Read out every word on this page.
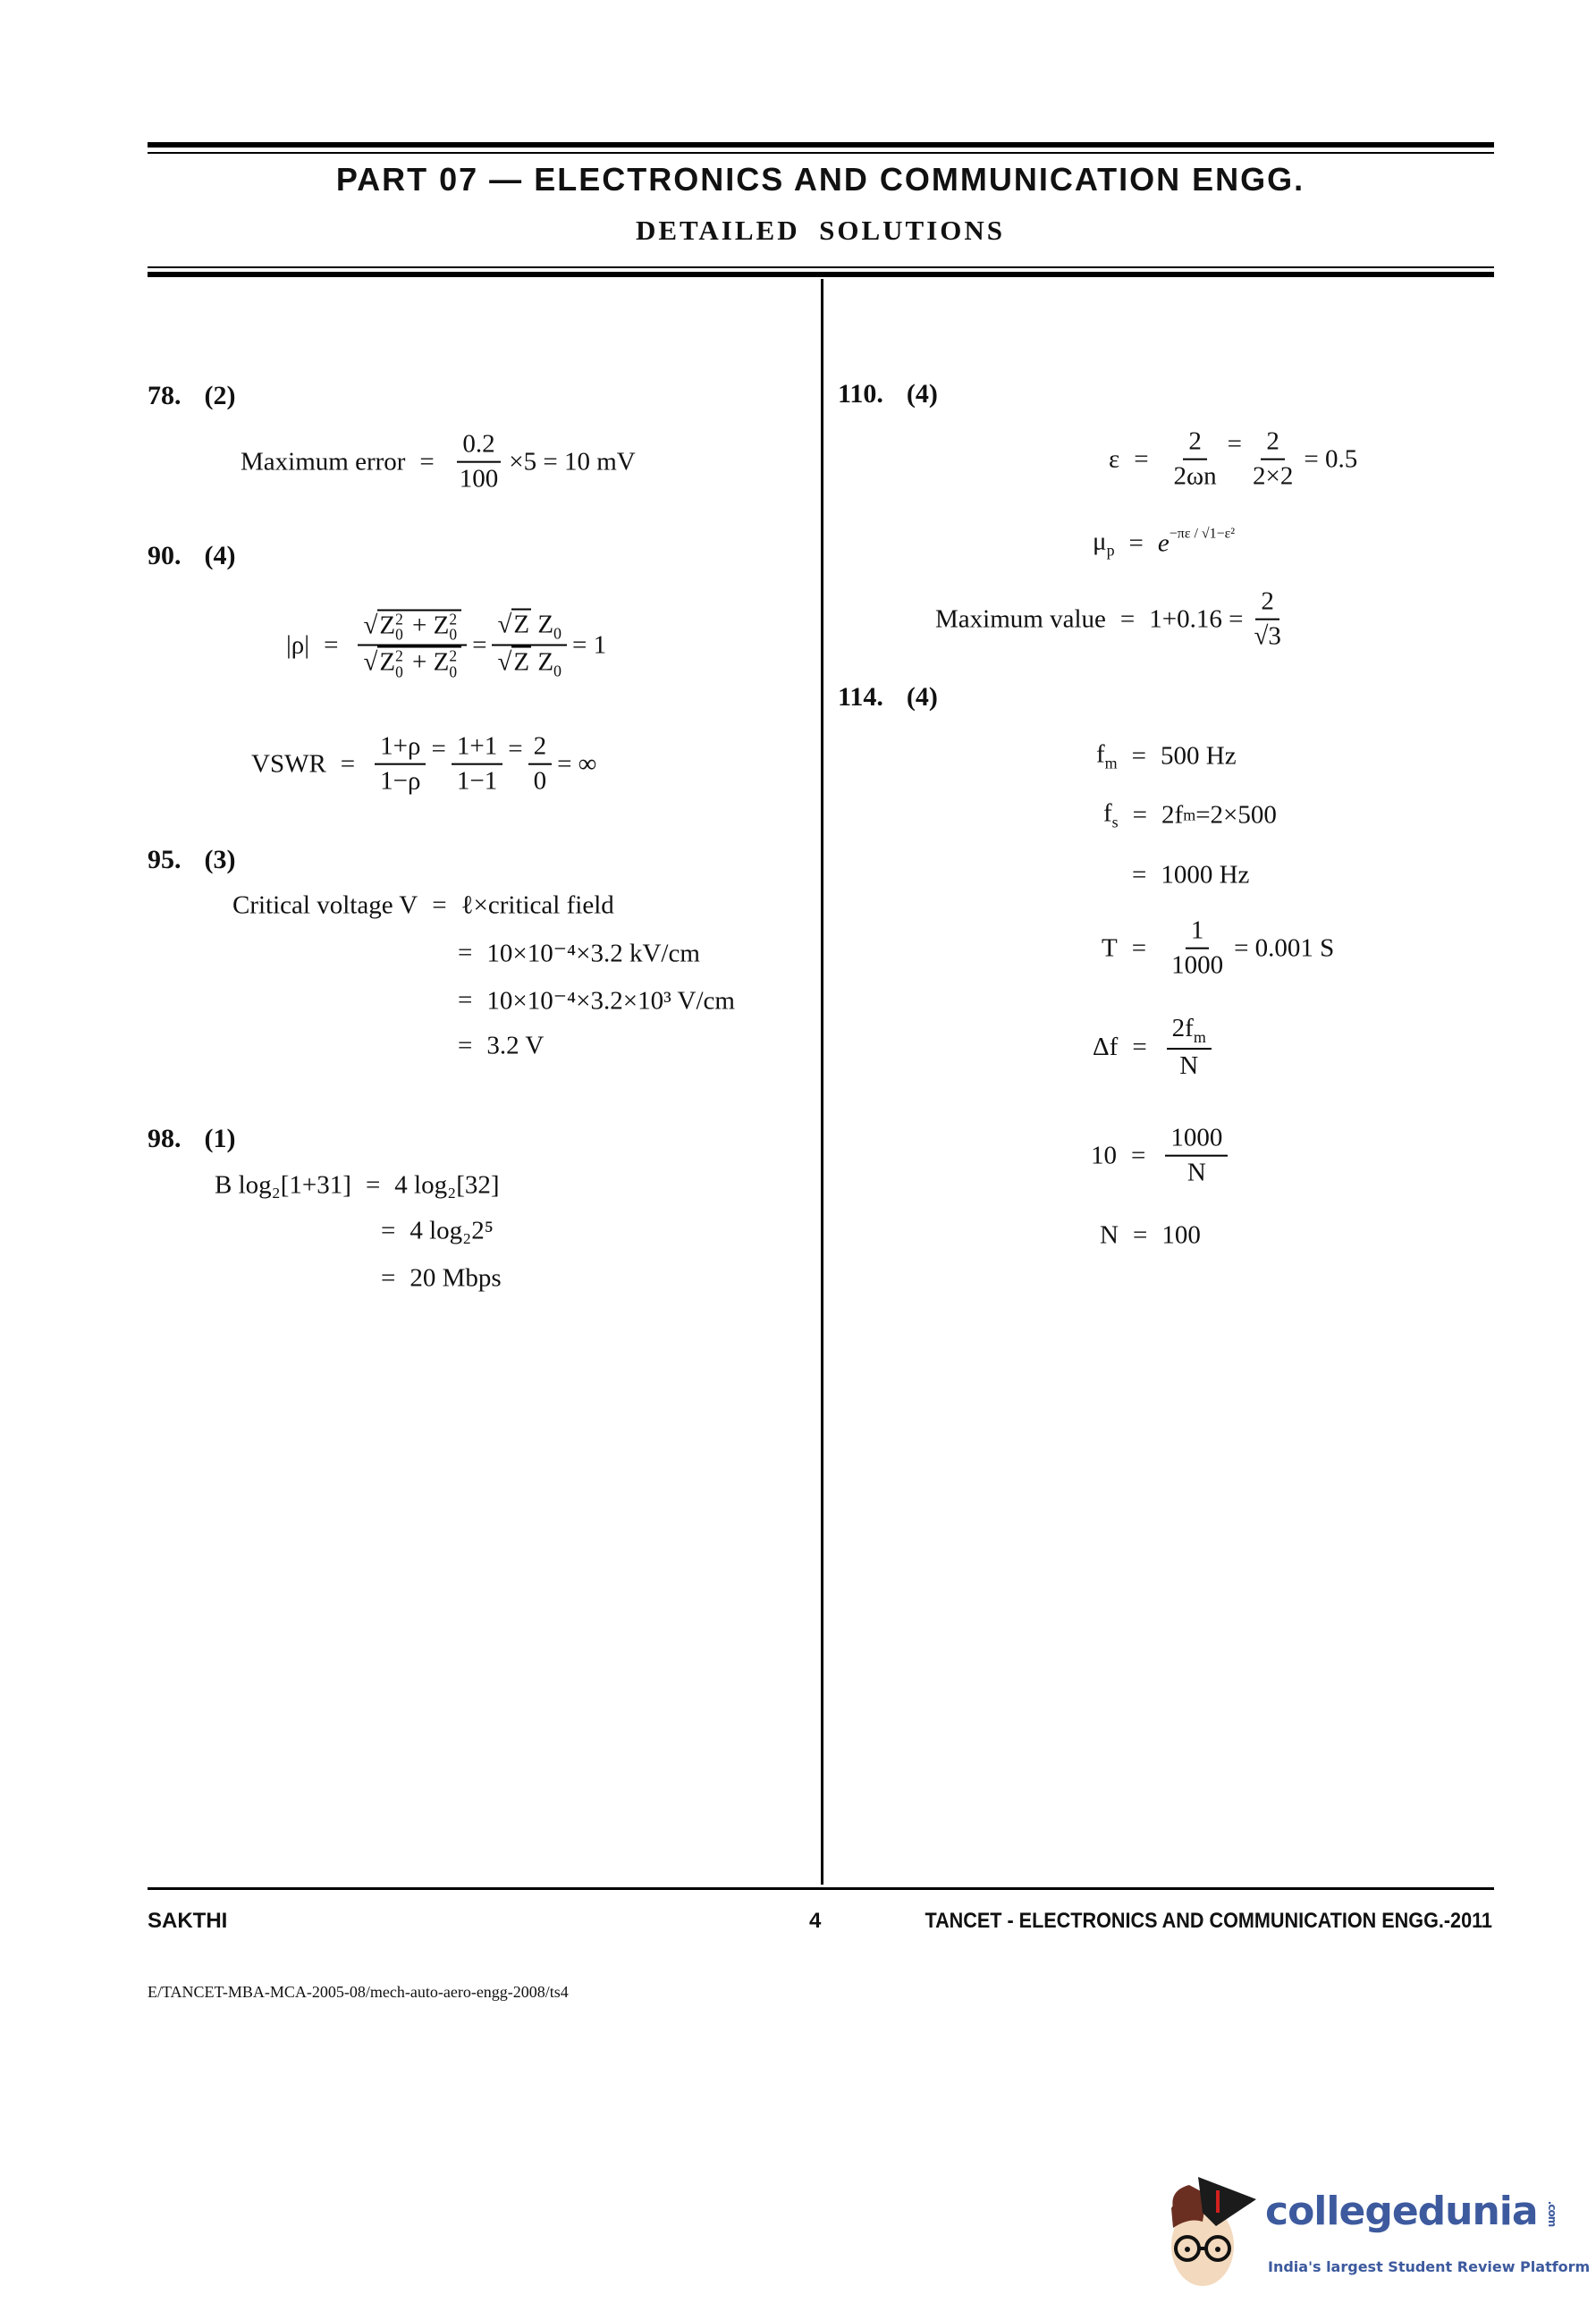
PART 07 — ELECTRONICS AND COMMUNICATION ENGG.
DETAILED  SOLUTIONS
78. (2)
Maximum error = $\frac{0.2}{100} \times 5 = 10$ mV
90. (4)
|ρ| = √Z 2
0 + Z 2
0
√Z 2
0 + Z 2
$0 = \frac{√Z Z_0}{√Z Z_0} = 1$
VSWR = $\frac{1+\rho}{1-\rho}$ =
$\frac{1+1}{1-1}$ =
$\frac{2}{0}$ = ∞
95. (3)
Critical voltage V = ℓ×critical field
= 10×10⁻⁴×3.2 kV/cm
= 10×10⁻⁴×3.2×10³ V/cm
= 3.2 V
98. (1)
B log₂[1+31] = 4 log₂[32]
= 4 log₂2⁵
= 20 Mbps
110. (4)
$\varepsilon = \frac{2}{2\omega n}$ =
$\frac{2}{2\times 2} = 0.5$
$\mu_p = e^{-\pi\varepsilon / √1-\varepsilon^2}$
Maximum value = $1+0.16 = \frac{2}{√3}$
114. (4)
$f_m = 500$ Hz
$f_s = 2f$ m =2×500
= 1000 Hz
$T = \frac{1}{1000} = 0.001$ S
$\Delta f = \frac{2f_m}{N}$
$10 = \frac{1000}{N}$
N = 100
SAKTHI	4	TANCET - ELECTRONICS AND COMMUNICATION ENGG.-2011
E/TANCET-MBA-MCA-2005-08/mech-auto-aero-engg-2008/ts4
collegedunia .com
India's largest Student Review Platform
